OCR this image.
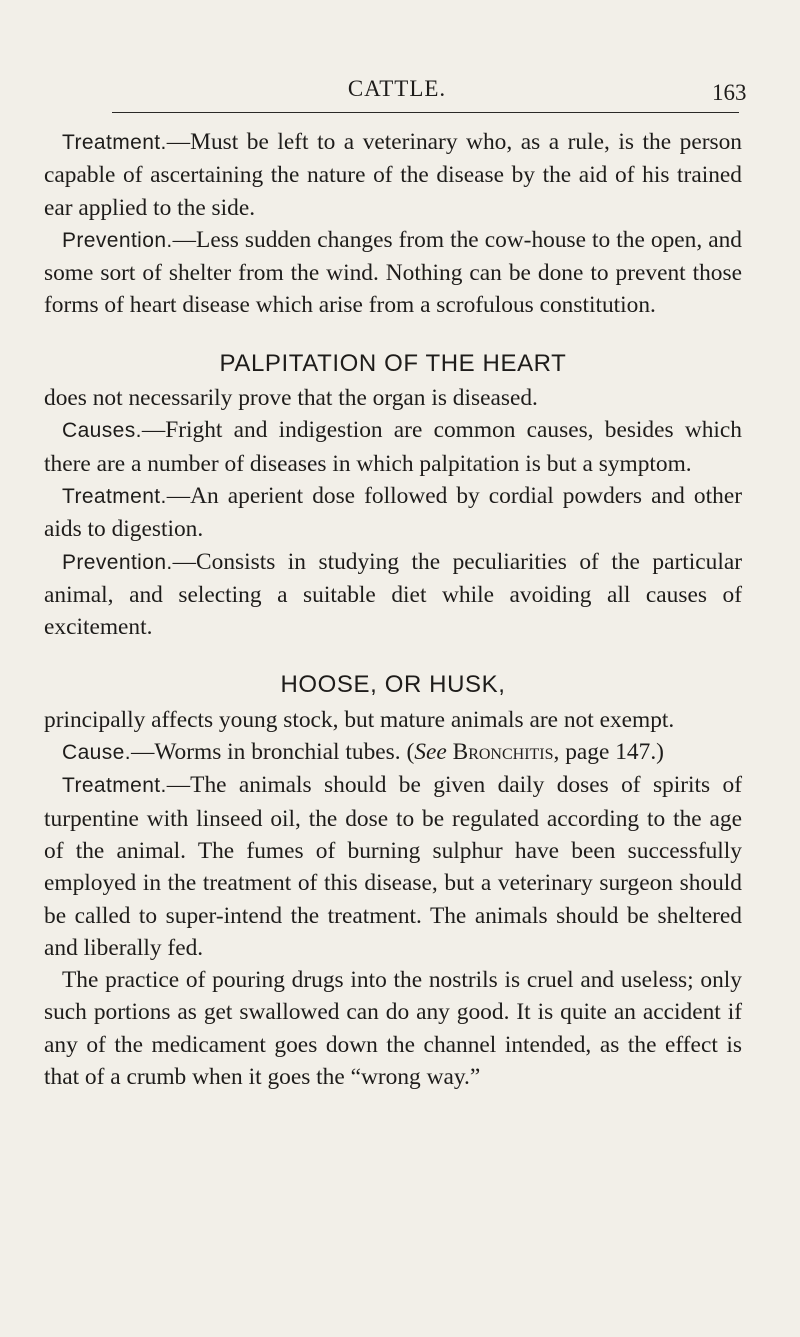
CATTLE.	163

Treatment.—Must be left to a veterinary who, as a rule, is the person capable of ascertaining the nature of the disease by the aid of his trained ear applied to the side.

Prevention.—Less sudden changes from the cow-house to the open, and some sort of shelter from the wind. Nothing can be done to prevent those forms of heart disease which arise from a scrofulous constitution.

PALPITATION OF THE HEART

does not necessarily prove that the organ is diseased.

Causes.—Fright and indigestion are common causes, besides which there are a number of diseases in which palpitation is but a symptom.

Treatment.—An aperient dose followed by cordial powders and other aids to digestion.

Prevention.—Consists in studying the peculiarities of the particular animal, and selecting a suitable diet while avoiding all causes of excitement.

HOOSE, OR HUSK,

principally affects young stock, but mature animals are not exempt.

Cause.—Worms in bronchial tubes. (See Bronchitis, page 147.)

Treatment.—The animals should be given daily doses of spirits of turpentine with linseed oil, the dose to be regulated according to the age of the animal. The fumes of burning sulphur have been successfully employed in the treatment of this disease, but a veterinary surgeon should be called to super-intend the treatment. The animals should be sheltered and liberally fed.

The practice of pouring drugs into the nostrils is cruel and useless; only such portions as get swallowed can do any good. It is quite an accident if any of the medicament goes down the channel intended, as the effect is that of a crumb when it goes the “wrong way.”
